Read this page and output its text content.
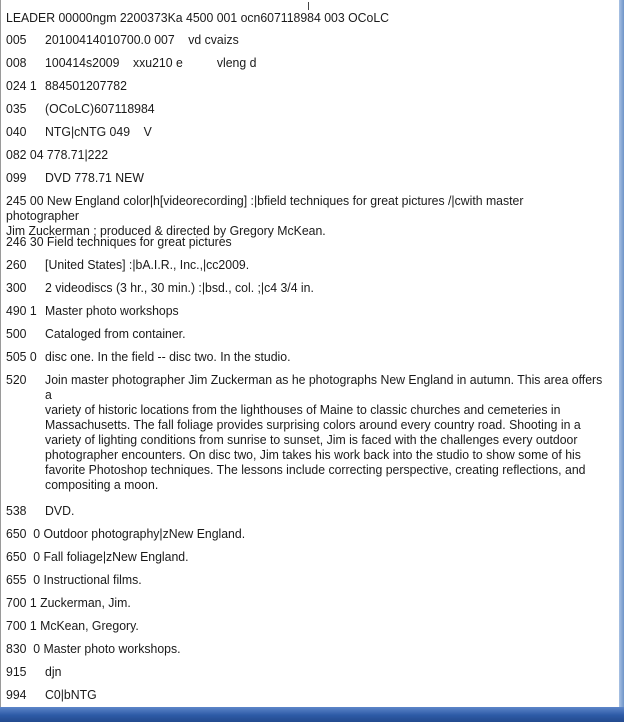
LEADER 00000ngm 2200373Ka 4500 001 ocn607118984 003 OCoLC
005 20100414010700.0 007    vd cvaizs
008 100414s2009    xxu210 e          vleng d
024 1 884501207782
035 (OCoLC)607118984
040 NTG|cNTG 049    V
082 04 778.71|222
099 DVD 778.71 NEW
245 00 New England color|h[videorecording] :|bfield techniques for great pictures /|cwith master photographer
Jim Zuckerman ; produced & directed by Gregory McKean.
246 30 Field techniques for great pictures
260 [United States] :|bA.I.R., Inc.,|cc2009.
300 2 videodiscs (3 hr., 30 min.) :|bsd., col. ;|c4 3/4 in.
490 1 Master photo workshops
500 Cataloged from container.
505 0 disc one. In the field -- disc two. In the studio.
520 Join master photographer Jim Zuckerman as he photographs New England in autumn. This area offers a
variety of historic locations from the lighthouses of Maine to classic churches and cemeteries in
Massachusetts. The fall foliage provides surprising colors around every country road. Shooting in a
variety of lighting conditions from sunrise to sunset, Jim is faced with the challenges every outdoor
photographer encounters. On disc two, Jim takes his work back into the studio to show some of his
favorite Photoshop techniques. The lessons include correcting perspective, creating reflections, and
compositing a moon.
538 DVD.
650  0 Outdoor photography|zNew England.
650  0 Fall foliage|zNew England.
655  0 Instructional films.
700 1 Zuckerman, Jim.
700 1 McKean, Gregory.
830  0 Master photo workshops.
915 djn
994 C0|bNTG
